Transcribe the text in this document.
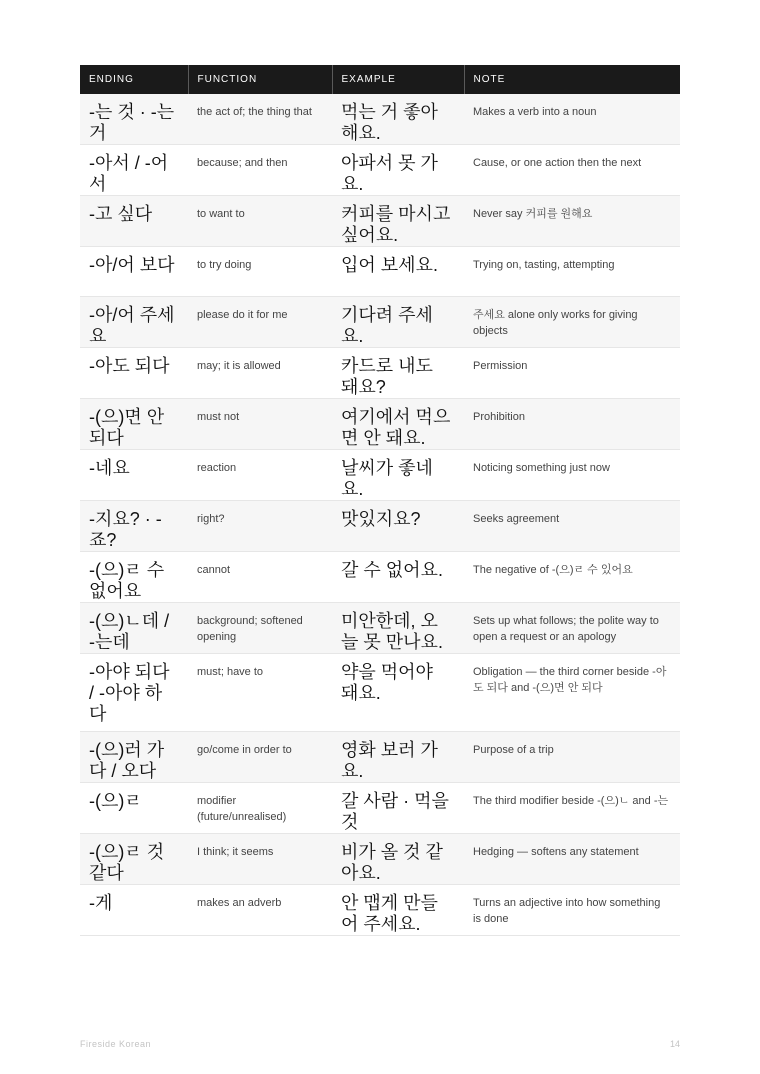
ENDING	FUNCTION	EXAMPLE	NOTE

-는 것 · -는 거	the act of; the thing that	먹는 거 좋아해요.	Makes a verb into a noun

-아서 / -어서	because; and then	아파서 못 가요.	Cause, or one action then the next

-고 싶다	to want to	커피를 마시고 싶어요.	Never say 커피를 원해요

-아/어 보다	to try doing	입어 보세요.	Trying on, tasting, attempting

-아/어 주세요	please do it for me	기다려 주세요.	주세요 alone only works for giving objects

-아도 되다	may; it is allowed	카드로 내도 돼요?	Permission

-(으)면 안 되다	must not	여기에서 먹으면 안 돼요.	Prohibition

-네요	reaction	날씨가 좋네요.	Noticing something just now

-지요? · -죠?	right?	맛있지요?	Seeks agreement

-(으)ㄹ 수 없어요	cannot	갈 수 없어요.	The negative of -(으)ㄹ 수 있어요

-(으)ㄴ데 / -는데	background; softened opening	미안한데, 오늘 못 만나요.	Sets up what follows; the polite way to open a request or an apology

-아야 되다 / -아야 하다	must; have to	약을 먹어야 돼요.	Obligation — the third corner beside -아도 되다 and -(으)면 안 되다

-(으)러 가다 / 오다	go/come in order to	영화 보러 가요.	Purpose of a trip

-(으)ㄹ	modifier (future/unrealised)	갈 사람 · 먹을 것	The third modifier beside -(으)ㄴ and -는

-(으)ㄹ 것 같다	I think; it seems	비가 올 것 같아요.	Hedging — softens any statement

-게	makes an adverb	안 맵게 만들어 주세요.	Turns an adjective into how something is done
Fireside Korean	14
